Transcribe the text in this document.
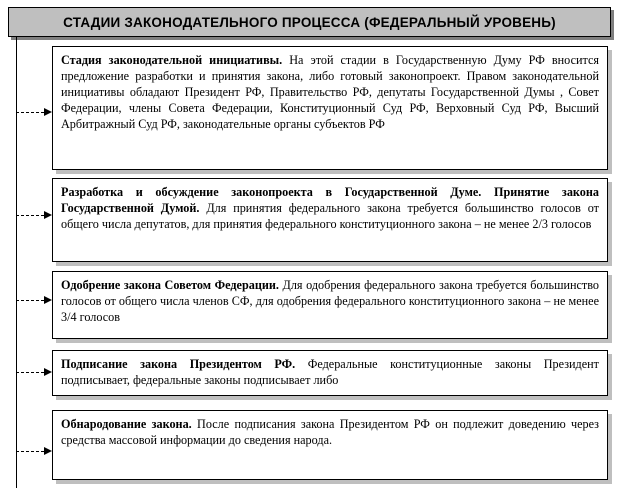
СТАДИИ ЗАКОНОДАТЕЛЬНОГО ПРОЦЕССА (ФЕДЕРАЛЬНЫЙ УРОВЕНЬ)
Стадия законодательной инициативы. На этой стадии в Государственную Думу РФ вносится предложение разработки и принятия закона, либо готовый законопроект. Правом законодательной инициативы обладают Президент РФ, Правительство РФ, депутаты Государственной Думы , Совет Федерации, члены Совета Федерации, Конституционный Суд РФ, Верховный Суд РФ, Высший Арбитражный Суд РФ, законодательные органы субъектов РФ
Разработка и обсуждение законопроекта в Государственной Думе. Принятие закона Государственной Думой. Для принятия федерального закона требуется большинство голосов от общего числа депутатов, для принятия федерального конституционного закона – не менее 2/3 голосов
Одобрение закона Советом Федерации. Для одобрения федерального закона требуется большинство голосов от общего числа членов СФ, для одобрения федерального конституционного закона – не менее 3/4 голосов
Подписание закона Президентом РФ. Федеральные конституционные законы Президент подписывает, федеральные законы подписывает либо
Обнародование закона. После подписания закона Президентом РФ он подлежит доведению через средства массовой информации до сведения народа.
